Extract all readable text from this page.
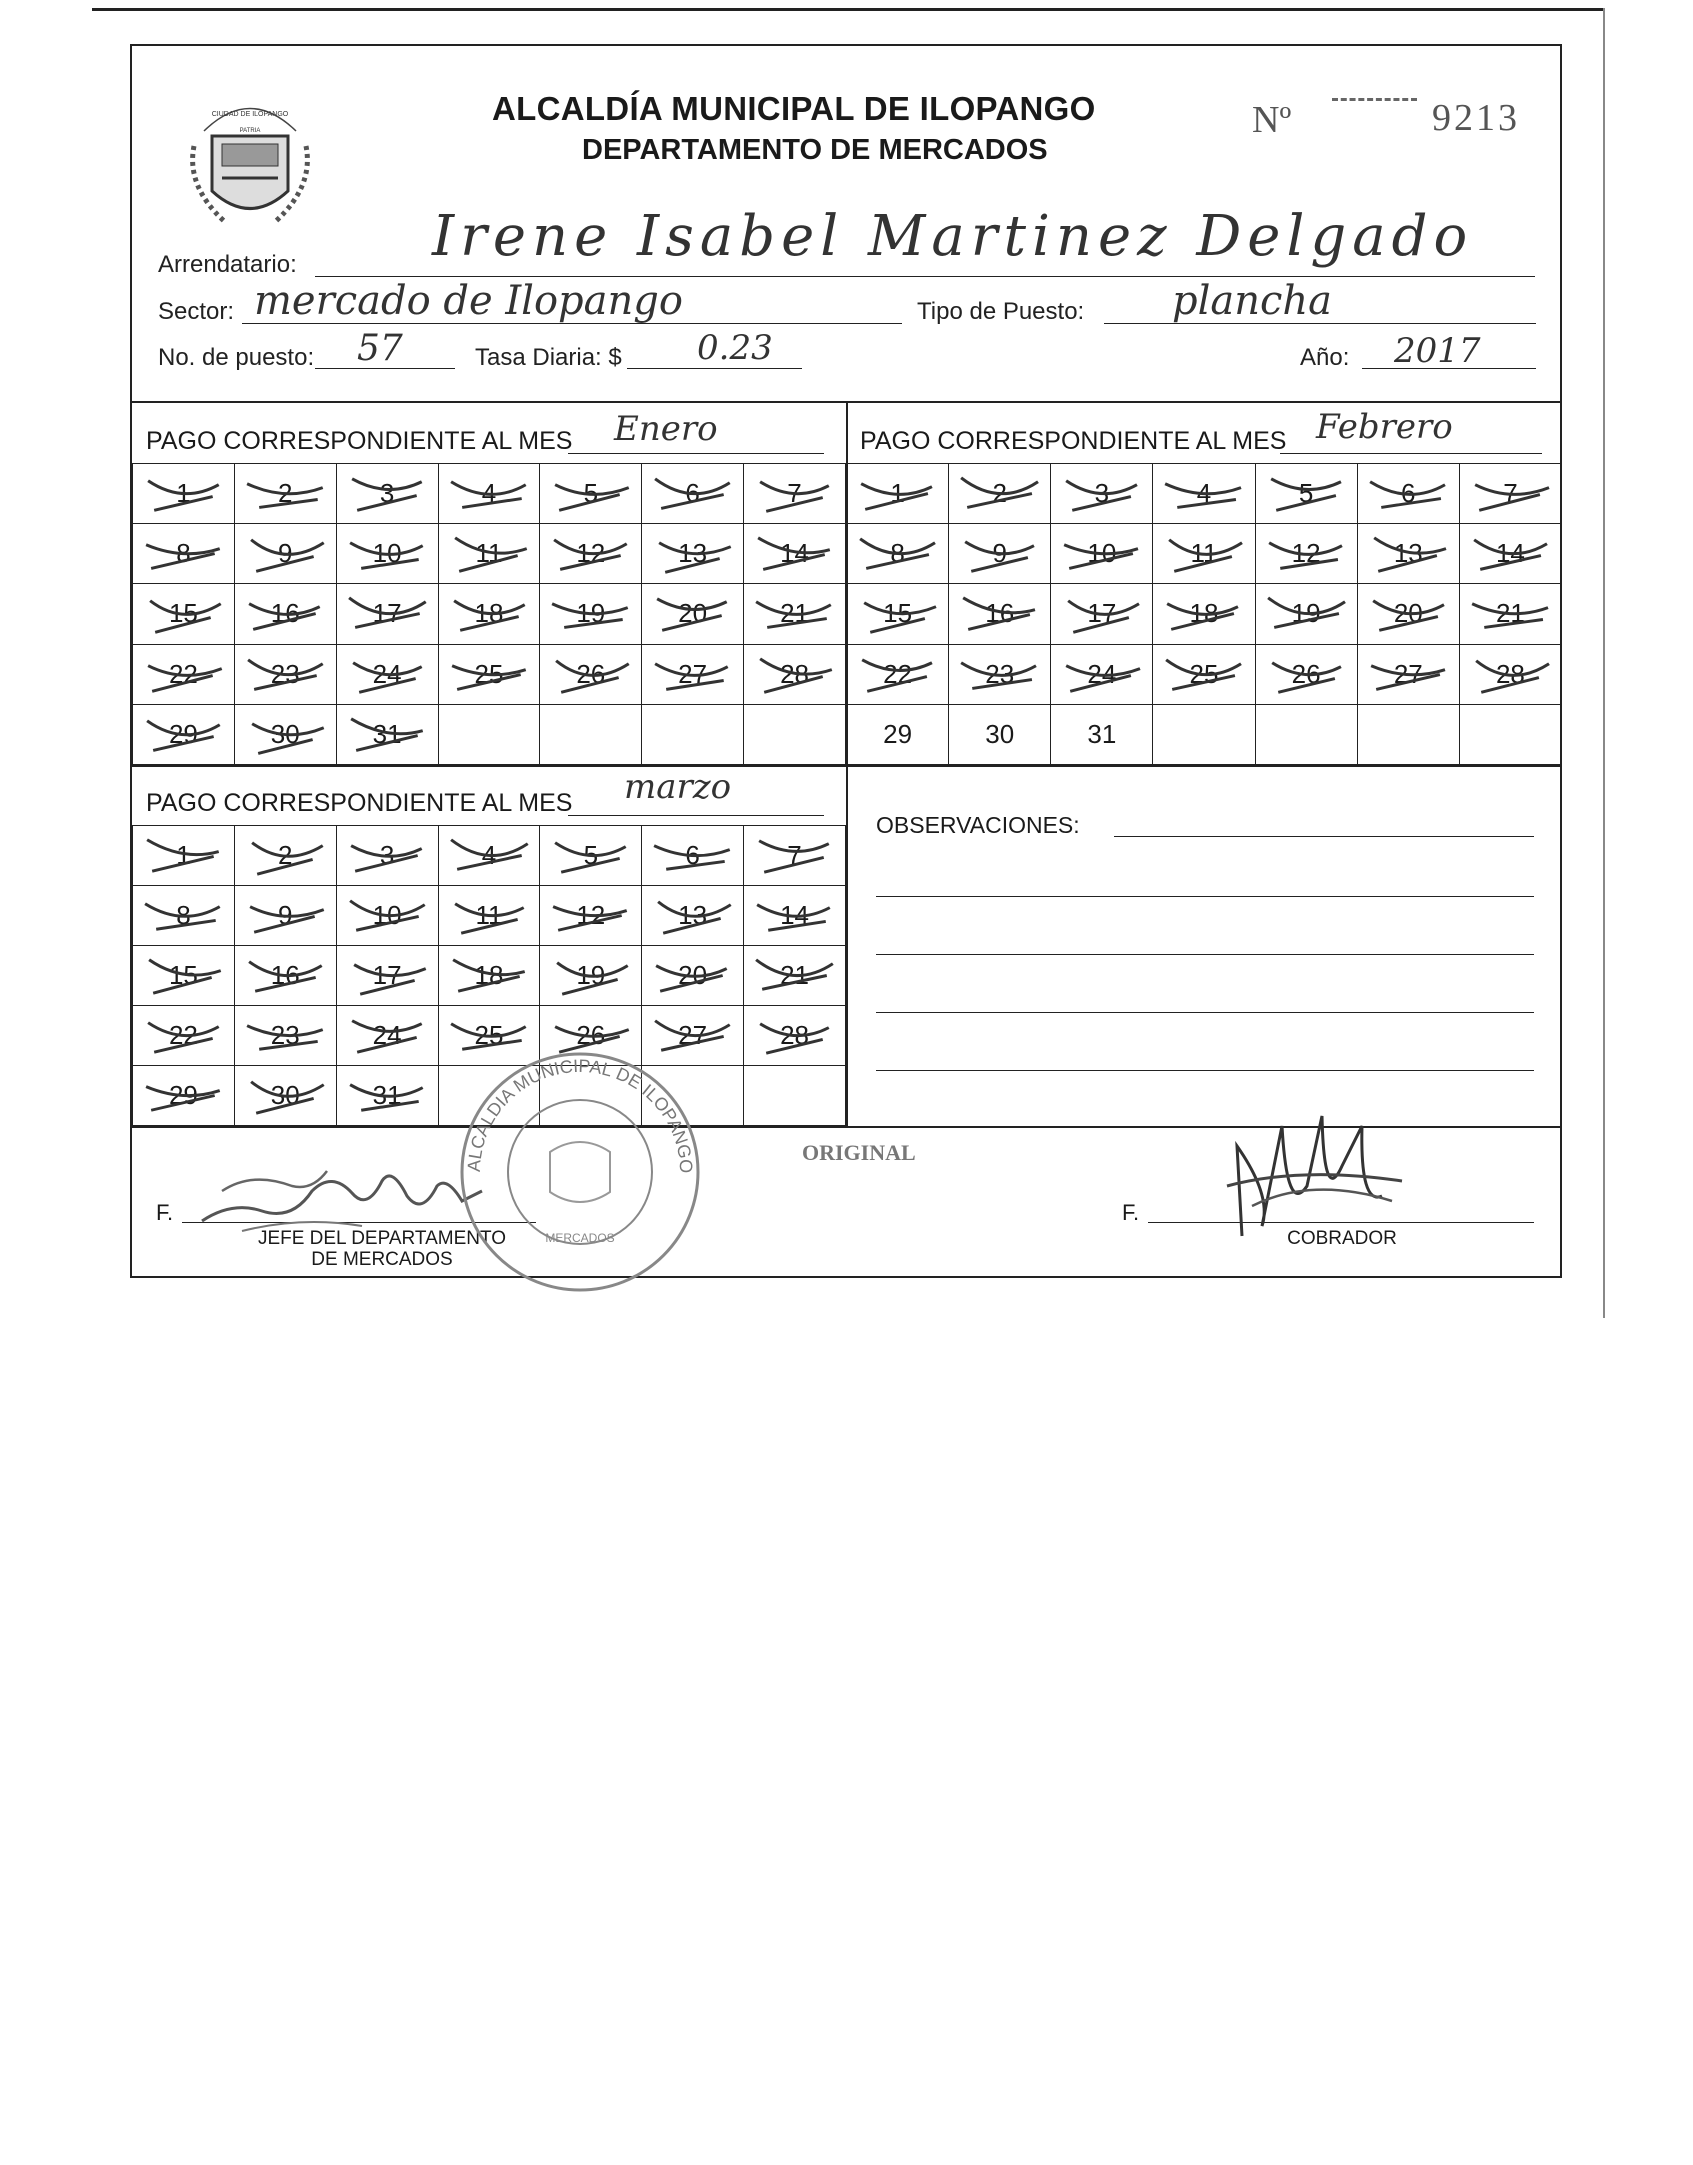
CIUDAD DE ILOPANGO
PATRIA
ALCALDÍA MUNICIPAL DE ILOPANGO
DEPARTAMENTO DE MERCADOS
Nº	9213
Arrendatario: Irene Isabel Martinez Delgado
Sector: mercado de Ilopango	Tipo de Puesto: plancha
No. de puesto: 57	Tasa Diaria: $ 0.23	Año: 2017
PAGO CORRESPONDIENTE AL MES Enero
1	2	3	4	5	6	7

8	9	10	11	12	13	14

15	16	17	18	19	20	21

22	23	24	25	26	27	28

29	30	31				

PAGO CORRESPONDIENTE AL MES Febrero
1	2	3	4	5	6	7

8	9	10	11	12	13	14

15	16	17	18	19	20	21

22	23	24	25	26	27	28

29	30	31				

PAGO CORRESPONDIENTE AL MES marzo
1	2	3	4	5	6	7

8	9	10	11	12	13	14

15	16	17	18	19	20	21

22	23	24	25	26	27	28

29	30	31				

OBSERVACIONES:
F.
JEFE DEL DEPARTAMENTO
DE MERCADOS
ORIGINAL
F.
COBRADOR
ALCALDIA MUNICIPAL DE ILOPANGO
MERCADOS
